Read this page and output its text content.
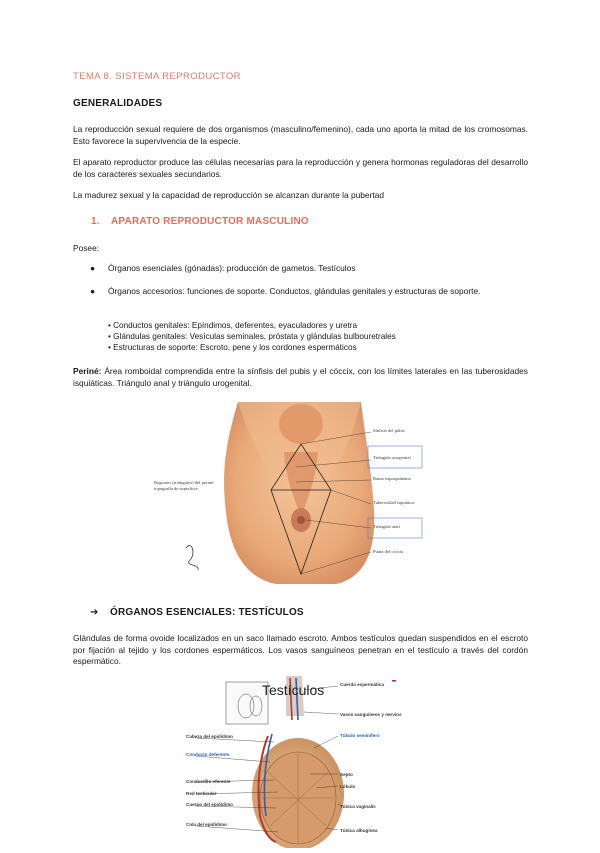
TEMA 8. SISTEMA REPRODUCTOR
GENERALIDADES
La reproducción sexual requiere de dos organismos (masculino/femenino), cada uno aporta la mitad de los cromosomas. Esto favorece la supervivencia de la especie.
El aparato reproductor produce las células necesarias para la reproducción y genera hormonas reguladoras del desarrollo de los caracteres sexuales secundarios.
La madurez sexual y la capacidad de reproducción se alcanzan durante la pubertad
1. APARATO REPRODUCTOR MASCULINO
Posee:
● Órganos esenciales (gónadas): producción de gametos. Testículos
● Órganos accesorios: funciones de soporte. Conductos, glándulas genitales y estructuras de soporte.
• Conductos genitales: Epíndimos, deferentes, eyaculadores y uretra
• Glándulas genitales: Vesículas seminales, próstata y glándulas bulbouretrales
• Estructuras de soporte: Escroto, pene y los cordones espermáticos
Periné: Área romboidal comprendida entre la sínfisis del pubis y el cóccix, con los límites laterales en las tuberosidades isquiáticas. Triángulo anal y triángulo urogenital.
Regiones (triángulos) del periné: topografía de superficie
Sínfisis del pubis
Triángulo urogenital
Rama isquiopubiana
Tuberosidad isquiática
Triángulo anal
Punta del cóccix
➔ ÓRGANOS ESENCIALES: TESTÍCULOS
Glándulas de forma ovoide localizados en un saco llamado escroto. Ambos testículos quedan suspendidos en el escroto por fijación al tejido y los cordones espermáticos. Los vasos sanguíneos penetran en el testículo a través del cordón espermático.
Testículos
Cabeza del epidídimo
Conducto deferente
Conductillo eferente
Red testicular
Cuerpo del epidídimo
Cola del epidídimo
Cuerda espermática
Vasos sanguíneos y nervios
Túbulo seminífero
Septo
Lóbulo
Túnica vaginalis
Túnica albugínea
